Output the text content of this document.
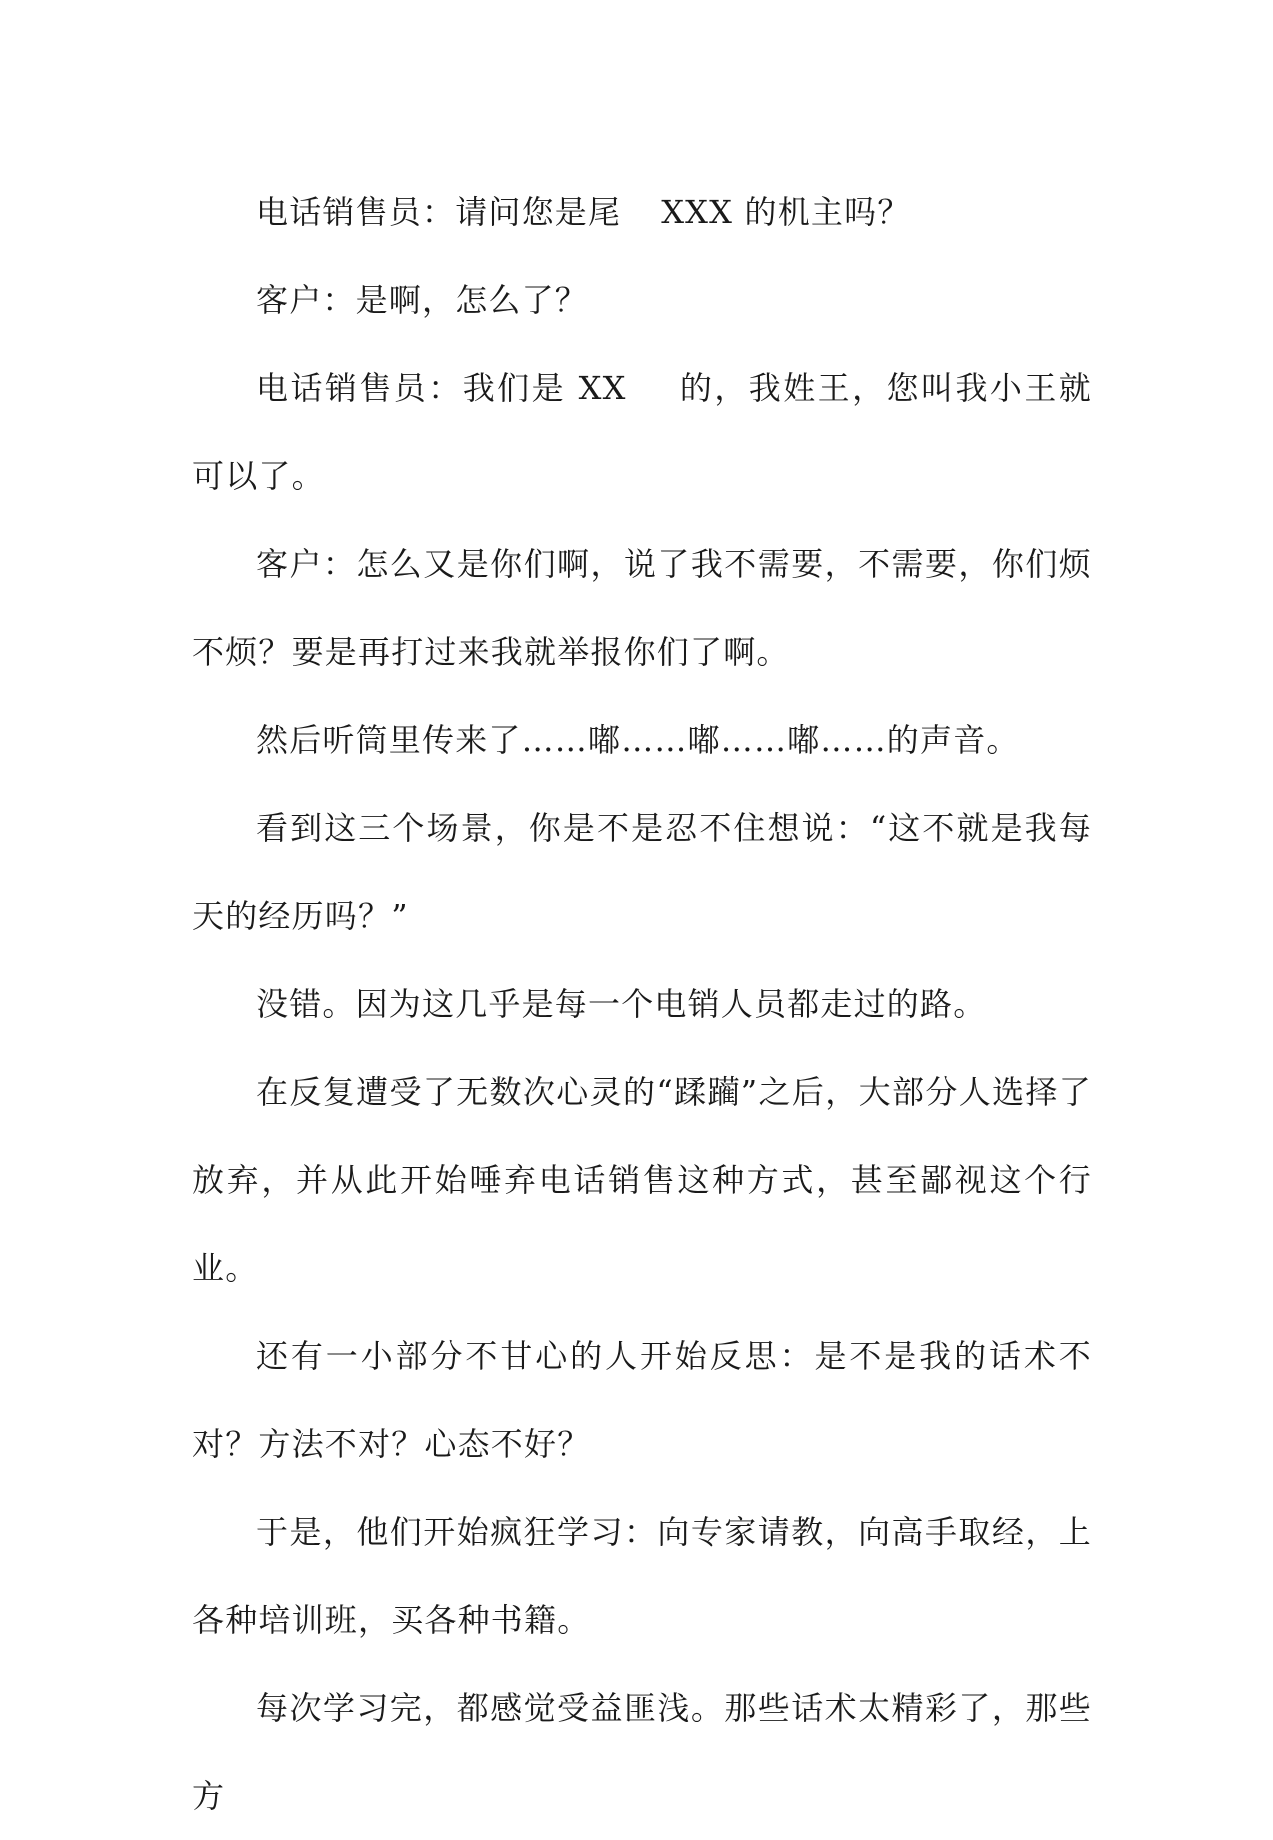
电话销售员：请问您是尾 XXX 的机主吗？

客户：是啊，怎么了？

电话销售员：我们是 XX 的，我姓王，您叫我小王就可以了。

客户：怎么又是你们啊，说了我不需要，不需要，你们烦不烦？要是再打过来我就举报你们了啊。

然后听筒里传来了……嘟……嘟……嘟……的声音。

看到这三个场景，你是不是忍不住想说：“这不就是我每天的经历吗？”

没错。因为这几乎是每一个电销人员都走过的路。

在反复遭受了无数次心灵的“蹂躏”之后，大部分人选择了放弃，并从此开始唾弃电话销售这种方式，甚至鄙视这个行业。

还有一小部分不甘心的人开始反思：是不是我的话术不对？方法不对？心态不好？

于是，他们开始疯狂学习：向专家请教，向高手取经，上各种培训班，买各种书籍。

每次学习完，都感觉受益匪浅。那些话术太精彩了，那些方
